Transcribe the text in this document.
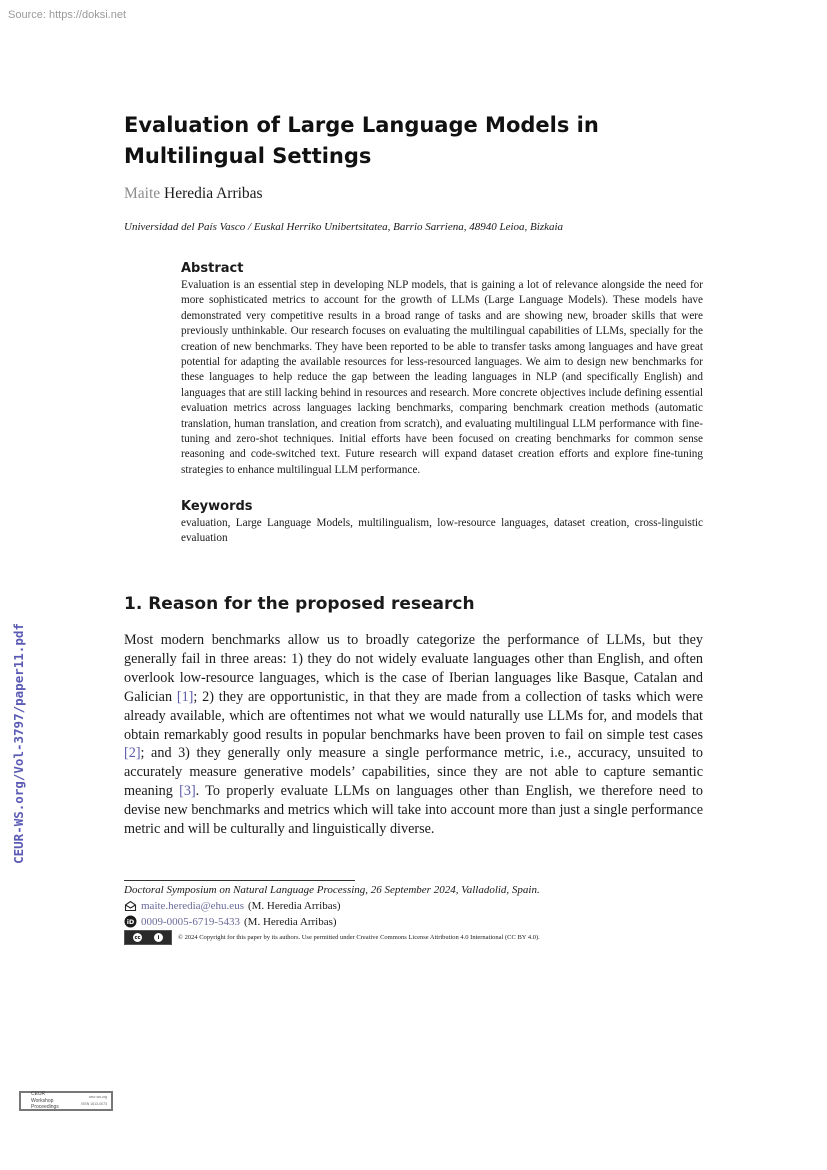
Source: https://doksi.net
Evaluation of Large Language Models in Multilingual Settings
Maite Heredia Arribas
Universidad del País Vasco / Euskal Herriko Unibertsitatea, Barrio Sarriena, 48940 Leioa, Bizkaia
Abstract

Evaluation is an essential step in developing NLP models, that is gaining a lot of relevance alongside the need for more sophisticated metrics to account for the growth of LLMs (Large Language Models). These models have demonstrated very competitive results in a broad range of tasks and are showing new, broader skills that were previously unthinkable. Our research focuses on evaluating the multilingual capabilities of LLMs, specially for the creation of new benchmarks. They have been reported to be able to transfer tasks among languages and have great potential for adapting the available resources for less-resourced languages. We aim to design new benchmarks for these languages to help reduce the gap between the leading languages in NLP (and specifically English) and languages that are still lacking behind in resources and research. More concrete objectives include defining essential evaluation metrics across languages lacking benchmarks, comparing benchmark creation methods (automatic translation, human translation, and creation from scratch), and evaluating multilingual LLM performance with fine-tuning and zero-shot techniques. Initial efforts have been focused on creating benchmarks for common sense reasoning and code-switched text. Future research will expand dataset creation efforts and explore fine-tuning strategies to enhance multilingual LLM performance.

Keywords

evaluation, Large Language Models, multilingualism, low-resource languages, dataset creation, cross-linguistic evaluation

1. Reason for the proposed research

Most modern benchmarks allow us to broadly categorize the performance of LLMs, but they generally fail in three areas: 1) they do not widely evaluate languages other than English, and often overlook low-resource languages, which is the case of Iberian languages like Basque, Catalan and Galician [1]; 2) they are opportunistic, in that they are made from a collection of tasks which were already available, which are oftentimes not what we would naturally use LLMs for, and models that obtain remarkably good results in popular benchmarks have been proven to fail on simple test cases [2]; and 3) they generally only measure a single performance metric, i.e., accuracy, unsuited to accurately measure generative models’ capabilities, since they are not able to capture semantic meaning [3]. To properly evaluate LLMs on languages other than English, we therefore need to devise new benchmarks and metrics which will take into account more than just a single performance metric and will be culturally and linguistically diverse.

CEUR-WS.org/Vol-3797/paper11.pdf
Doctoral Symposium on Natural Language Processing, 26 September 2024, Valladolid, Spain.
maite.heredia@ehu.eus (M. Heredia Arribas)
iD 0009-0005-6719-5433 (M. Heredia Arribas)
cc	i	© 2024 Copyright for this paper by its authors. Use permitted under Creative Commons License Attribution 4.0 International (CC BY 4.0).
CEUR
Workshop
Proceedings
ceur-ws.org
ISSN 1613-0073
